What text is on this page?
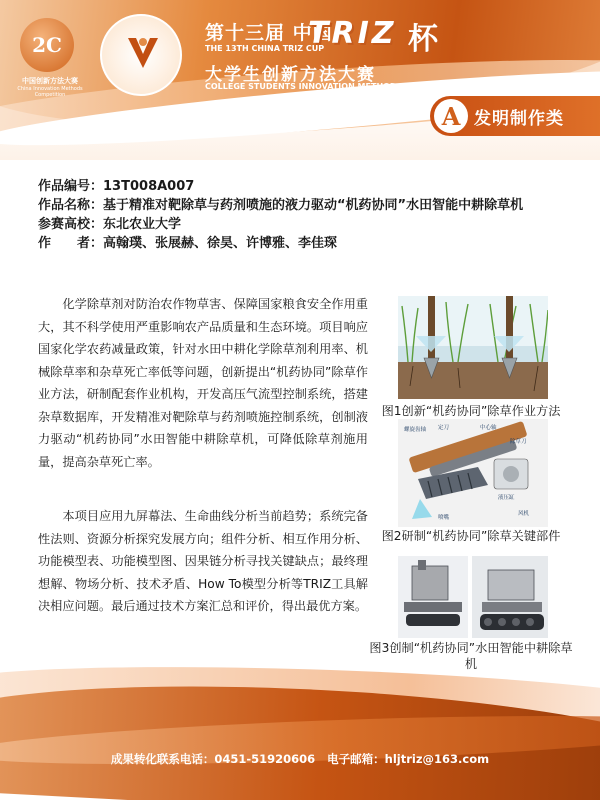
2C
中国创新方法大赛
China Innovation Methods Competition
第十三届 中国
TRIZ 杯
THE 13TH CHINA TRIZ CUP
大学生创新方法大赛
COLLEGE STUDENTS INNOVATION METHOD COMPETITION
A 发明制作类
作品编号： 13T008A007
作品名称： 基于精准对靶除草与药剂喷施的液力驱动“机药协同”水田智能中耕除草机
参赛高校： 东北农业大学
作　　者： 高翰璞、张展赫、徐昊、许博雅、李佳琛

化学除草剂对防治农作物草害、保障国家粮食安全作用重大，其不科学使用严重影响农产品质量和生态环境。项目响应国家化学农药减量政策，针对水田中耕化学除草剂利用率、机械除草率和杂草死亡率低等问题，创新提出“机药协同”除草作业方法，研制配套作业机构，开发高压气流型控制系统，搭建杂草数据库，开发精准对靶除草与药剂喷施控制系统，创制液力驱动“机药协同”水田智能中耕除草机，可降低除草剂施用量，提高杂草死亡率。

本项目应用九屏幕法、生命曲线分析当前趋势；系统完备性法则、资源分析探究发展方向；组件分析、相互作用分析、功能模型表、功能模型图、因果链分析寻找关键缺点；最终理想解、物场分析、技术矛盾、How To模型分析等TRIZ工具解决相应问题。最后通过技术方案汇总和评价，得出最优方案。

图1创新“机药协同”除草作业方法
螺旋齿轴 定刀	中心轴
除草刀
液压缸
喷嘴
风机
图2研制“机药协同”除草关键部件
图3创制“机药协同”水田智能中耕除草机
成果转化联系电话：0451-51920606 电子邮箱：hljtriz@163.com
